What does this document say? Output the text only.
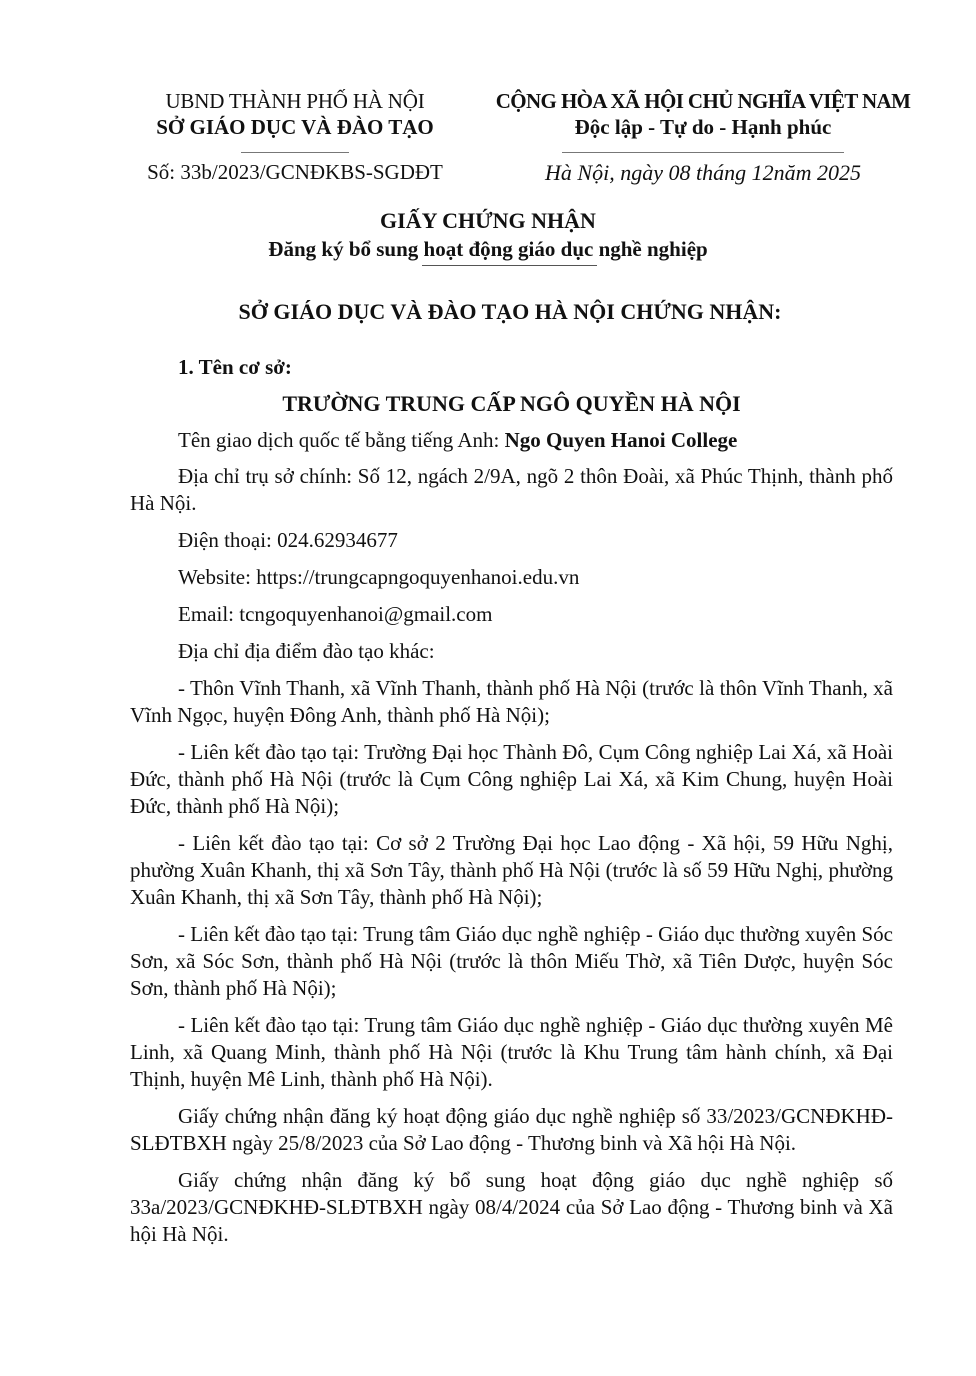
UBND THÀNH PHỐ HÀ NỘI
SỞ GIÁO DỤC VÀ ĐÀO TẠO
CỘNG HÒA XÃ HỘI CHỦ NGHĨA VIỆT NAM
Độc lập - Tự do - Hạnh phúc
Số: 33b/2023/GCNĐKBS-SGDĐT	Hà Nội, ngày 08 tháng 12năm 2025
GIẤY CHỨNG NHẬN
Đăng ký bổ sung hoạt động giáo dục nghề nghiệp
SỞ GIÁO DỤC VÀ ĐÀO TẠO HÀ NỘI CHỨNG NHẬN:

1. Tên cơ sở:

TRƯỜNG TRUNG CẤP NGÔ QUYỀN HÀ NỘI

Tên giao dịch quốc tế bằng tiếng Anh: Ngo Quyen Hanoi College

Địa chỉ trụ sở chính: Số 12, ngách 2/9A, ngõ 2 thôn Đoài, xã Phúc Thịnh, thành phố Hà Nội.

Điện thoại: 024.62934677

Website: https://trungcapngoquyenhanoi.edu.vn

Email: tcngoquyenhanoi@gmail.com

Địa chỉ địa điểm đào tạo khác:

- Thôn Vĩnh Thanh, xã Vĩnh Thanh, thành phố Hà Nội (trước là thôn Vĩnh Thanh, xã Vĩnh Ngọc, huyện Đông Anh, thành phố Hà Nội);

- Liên kết đào tạo tại: Trường Đại học Thành Đô, Cụm Công nghiệp Lai Xá, xã Hoài Đức, thành phố Hà Nội (trước là Cụm Công nghiệp Lai Xá, xã Kim Chung, huyện Hoài Đức, thành phố Hà Nội);

- Liên kết đào tạo tại: Cơ sở 2 Trường Đại học Lao động - Xã hội, 59 Hữu Nghị, phường Xuân Khanh, thị xã Sơn Tây, thành phố Hà Nội (trước là số 59 Hữu Nghị, phường Xuân Khanh, thị xã Sơn Tây, thành phố Hà Nội);

- Liên kết đào tạo tại: Trung tâm Giáo dục nghề nghiệp - Giáo dục thường xuyên Sóc Sơn, xã Sóc Sơn, thành phố Hà Nội (trước là thôn Miếu Thờ, xã Tiên Dược, huyện Sóc Sơn, thành phố Hà Nội);

- Liên kết đào tạo tại: Trung tâm Giáo dục nghề nghiệp - Giáo dục thường xuyên Mê Linh, xã Quang Minh, thành phố Hà Nội (trước là Khu Trung tâm hành chính, xã Đại Thịnh, huyện Mê Linh, thành phố Hà Nội).

Giấy chứng nhận đăng ký hoạt động giáo dục nghề nghiệp số 33/2023/GCNĐKHĐ-SLĐTBXH ngày 25/8/2023 của Sở Lao động - Thương binh và Xã hội Hà Nội.

Giấy chứng nhận đăng ký bổ sung hoạt động giáo dục nghề nghiệp số 33a/2023/GCNĐKHĐ-SLĐTBXH ngày 08/4/2024 của Sở Lao động - Thương binh và Xã hội Hà Nội.
